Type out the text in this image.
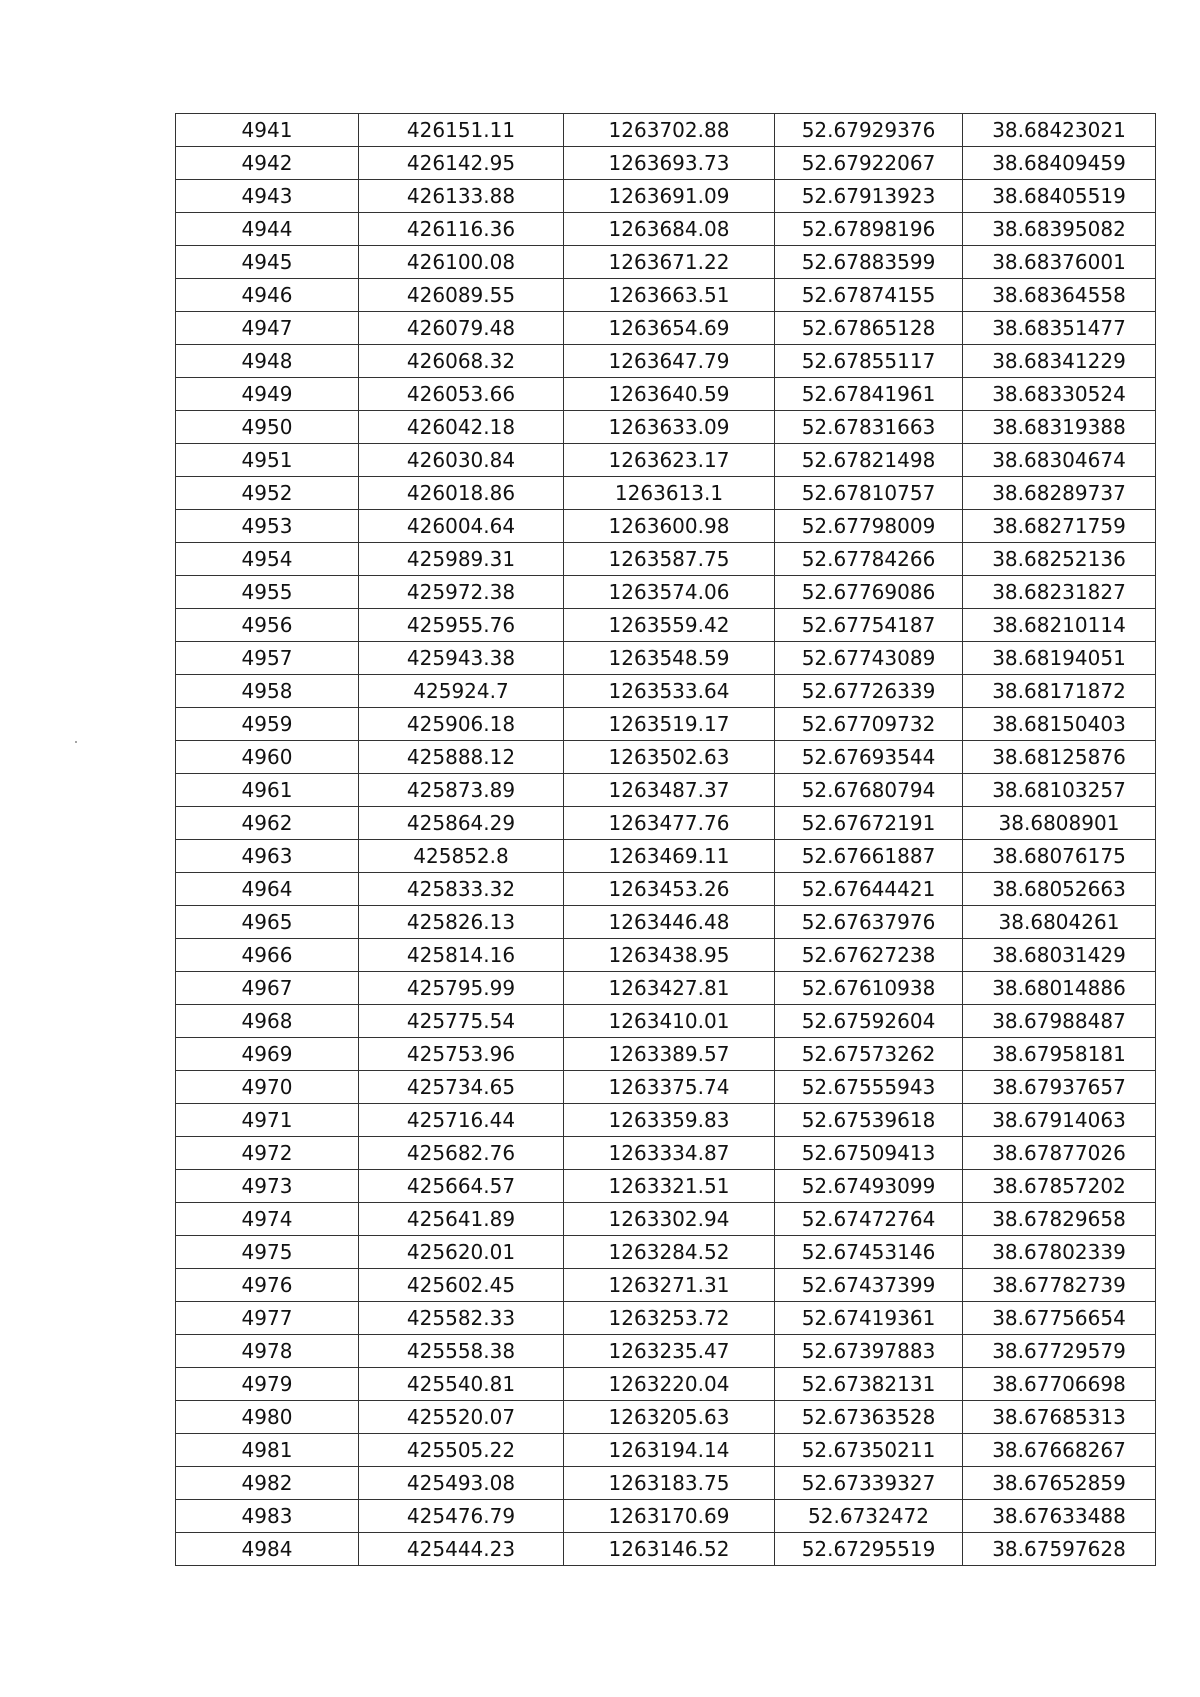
4941	426151.11	1263702.88	52.67929376	38.68423021
4942	426142.95	1263693.73	52.67922067	38.68409459
4943	426133.88	1263691.09	52.67913923	38.68405519
4944	426116.36	1263684.08	52.67898196	38.68395082
4945	426100.08	1263671.22	52.67883599	38.68376001
4946	426089.55	1263663.51	52.67874155	38.68364558
4947	426079.48	1263654.69	52.67865128	38.68351477
4948	426068.32	1263647.79	52.67855117	38.68341229
4949	426053.66	1263640.59	52.67841961	38.68330524
4950	426042.18	1263633.09	52.67831663	38.68319388
4951	426030.84	1263623.17	52.67821498	38.68304674
4952	426018.86	1263613.1	52.67810757	38.68289737
4953	426004.64	1263600.98	52.67798009	38.68271759
4954	425989.31	1263587.75	52.67784266	38.68252136
4955	425972.38	1263574.06	52.67769086	38.68231827
4956	425955.76	1263559.42	52.67754187	38.68210114
4957	425943.38	1263548.59	52.67743089	38.68194051
4958	425924.7	1263533.64	52.67726339	38.68171872
4959	425906.18	1263519.17	52.67709732	38.68150403
4960	425888.12	1263502.63	52.67693544	38.68125876
4961	425873.89	1263487.37	52.67680794	38.68103257
4962	425864.29	1263477.76	52.67672191	38.6808901
4963	425852.8	1263469.11	52.67661887	38.68076175
4964	425833.32	1263453.26	52.67644421	38.68052663
4965	425826.13	1263446.48	52.67637976	38.6804261
4966	425814.16	1263438.95	52.67627238	38.68031429
4967	425795.99	1263427.81	52.67610938	38.68014886
4968	425775.54	1263410.01	52.67592604	38.67988487
4969	425753.96	1263389.57	52.67573262	38.67958181
4970	425734.65	1263375.74	52.67555943	38.67937657
4971	425716.44	1263359.83	52.67539618	38.67914063
4972	425682.76	1263334.87	52.67509413	38.67877026
4973	425664.57	1263321.51	52.67493099	38.67857202
4974	425641.89	1263302.94	52.67472764	38.67829658
4975	425620.01	1263284.52	52.67453146	38.67802339
4976	425602.45	1263271.31	52.67437399	38.67782739
4977	425582.33	1263253.72	52.67419361	38.67756654
4978	425558.38	1263235.47	52.67397883	38.67729579
4979	425540.81	1263220.04	52.67382131	38.67706698
4980	425520.07	1263205.63	52.67363528	38.67685313
4981	425505.22	1263194.14	52.67350211	38.67668267
4982	425493.08	1263183.75	52.67339327	38.67652859
4983	425476.79	1263170.69	52.6732472	38.67633488
4984	425444.23	1263146.52	52.67295519	38.67597628
